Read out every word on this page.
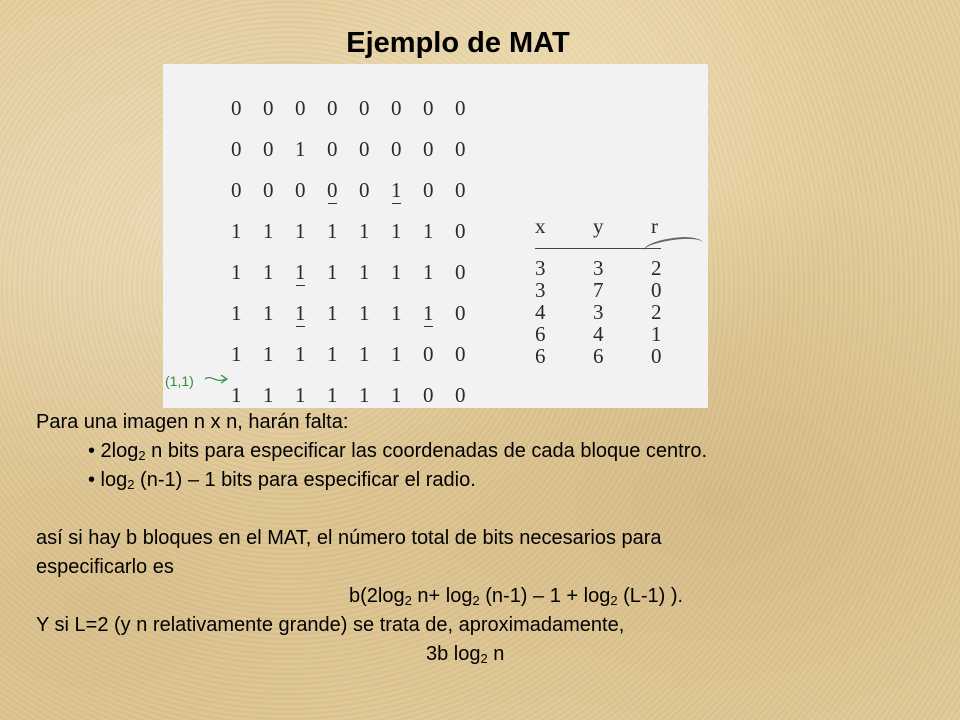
Ejemplo de MAT
0	0	0	0	0	0	0	0
0	0	1	0	0	0	0	0
0	0	0	0	0	1	0	0
1	1	1	1	1	1	1	0
1	1	1	1	1	1	1	0
1	1	1	1	1	1	1	0
1	1	1	1	1	1	0	0
1	1	1	1	1	1	0	0
x	y	r
3	3	2
3	7	0
4	3	2
6	4	1
6	6	0
(1,1)
Para una imagen n x n, harán falta:
• $2\log_2$ n bits para especificar las coordenadas de cada bloque centro.
• $\log_2 (n-1) - 1$ bits para especificar el radio.
así si hay b bloques en el MAT, el número total de bits necesarios para
especificarlo es
$b(2\log_2$ $n+ \log_2 (n-1) - 1 + \log_2 (L-1)$ ).
Y si L=2 (y n relativamente grande) se trata de, aproximadamente,
3b $\log_2 n$
